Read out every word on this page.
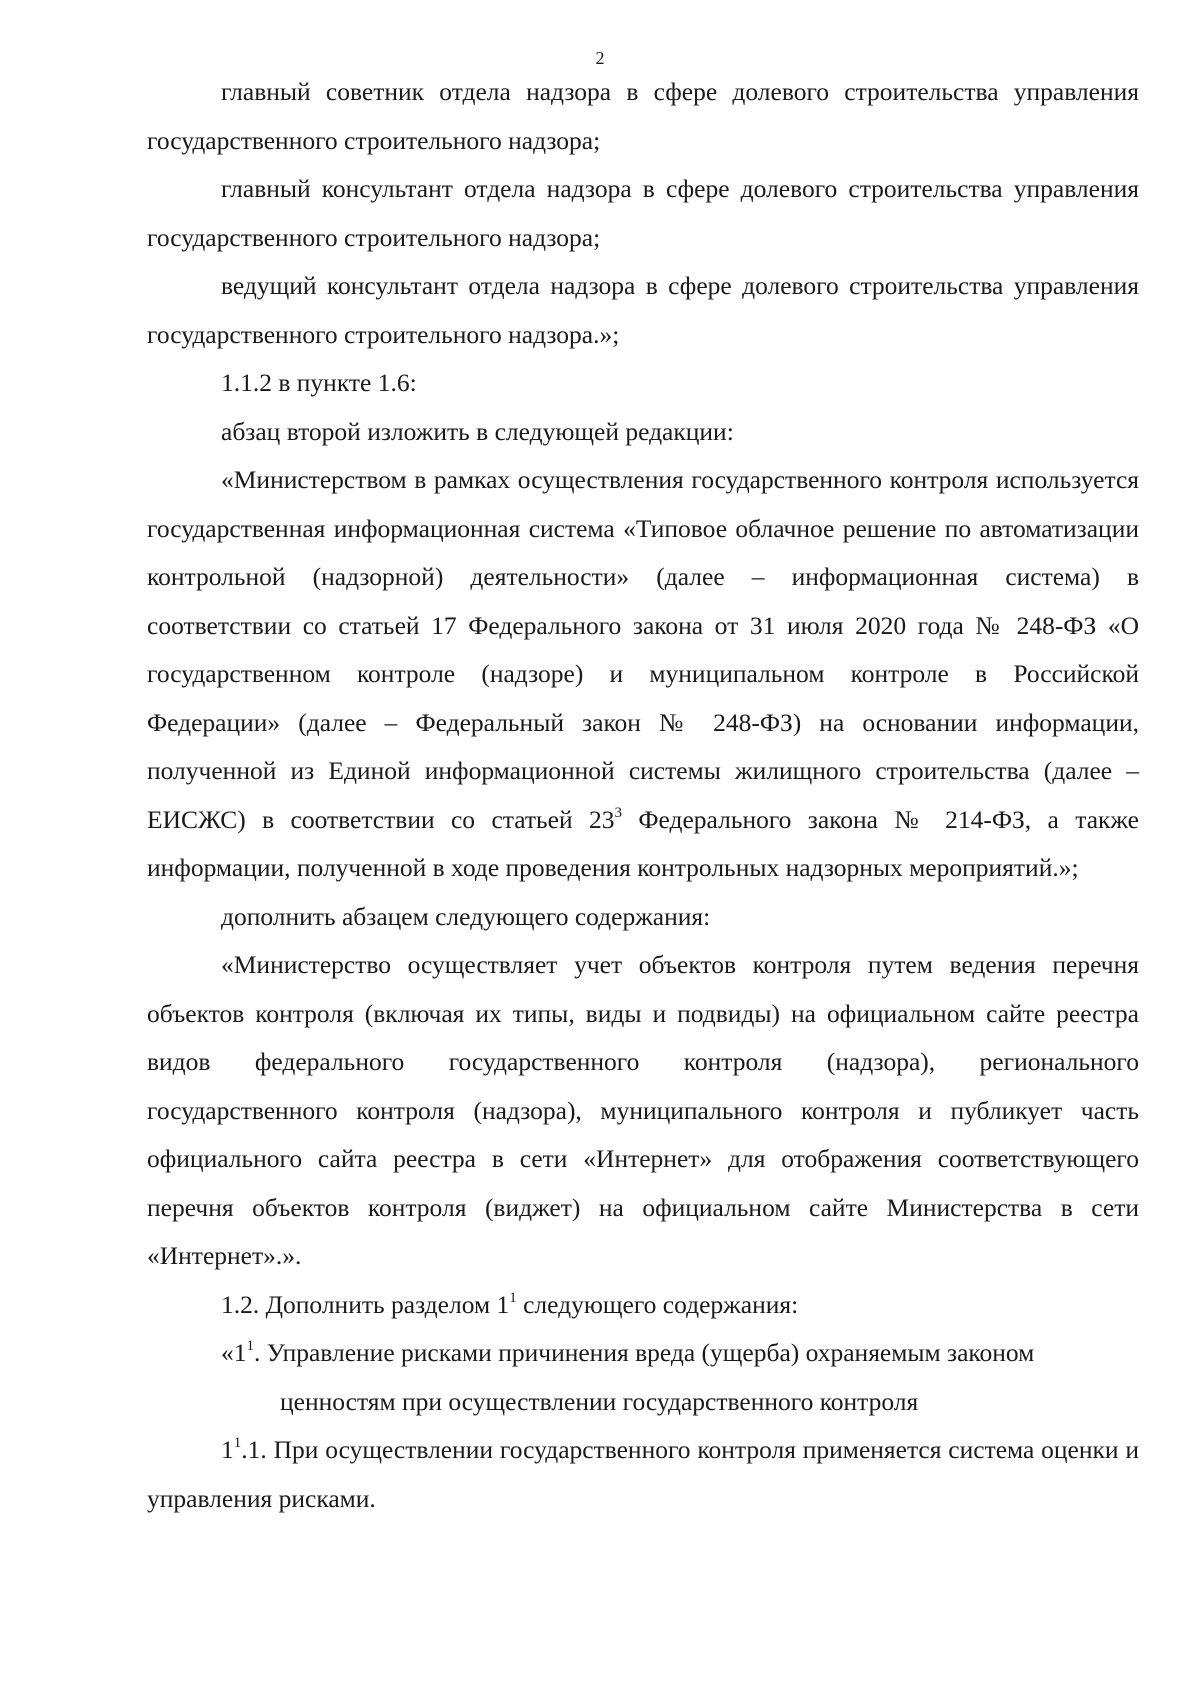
2

главный советник отдела надзора в сфере долевого строительства управления государственного строительного надзора;

главный консультант отдела надзора в сфере долевого строительства управления государственного строительного надзора;

ведущий консультант отдела надзора в сфере долевого строительства управления государственного строительного надзора.»;

1.1.2 в пункте 1.6:

абзац второй изложить в следующей редакции:

«Министерством в рамках осуществления государственного контроля используется государственная информационная система «Типовое облачное решение по автоматизации контрольной (надзорной) деятельности» (далее – информационная система) в соответствии со статьей 17 Федерального закона от 31 июля 2020 года № 248-ФЗ «О государственном контроле (надзоре) и муниципальном контроле в Российской Федерации» (далее – Федеральный закон № 248-ФЗ) на основании информации, полученной из Единой информационной системы жилищного строительства (далее – ЕИСЖС) в соответствии со статьей $23^3$ Федерального закона № 214-ФЗ, а также информации, полученной в ходе проведения контрольных надзорных мероприятий.»;

дополнить абзацем следующего содержания:

«Министерство осуществляет учет объектов контроля путем ведения перечня объектов контроля (включая их типы, виды и подвиды) на официальном сайте реестра видов федерального государственного контроля (надзора), регионального государственного контроля (надзора), муниципального контроля и публикует часть официального сайта реестра в сети «Интернет» для отображения соответствующего перечня объектов контроля (виджет) на официальном сайте Министерства в сети «Интернет».».

1.2. Дополнить разделом $1^1$ следующего содержания:

«$1^1$. Управление рисками причинения вреда (ущерба) охраняемым законом
ценностям при осуществлении государственного контроля

$1^1.1$. При осуществлении государственного контроля применяется система оценки и управления рисками.
